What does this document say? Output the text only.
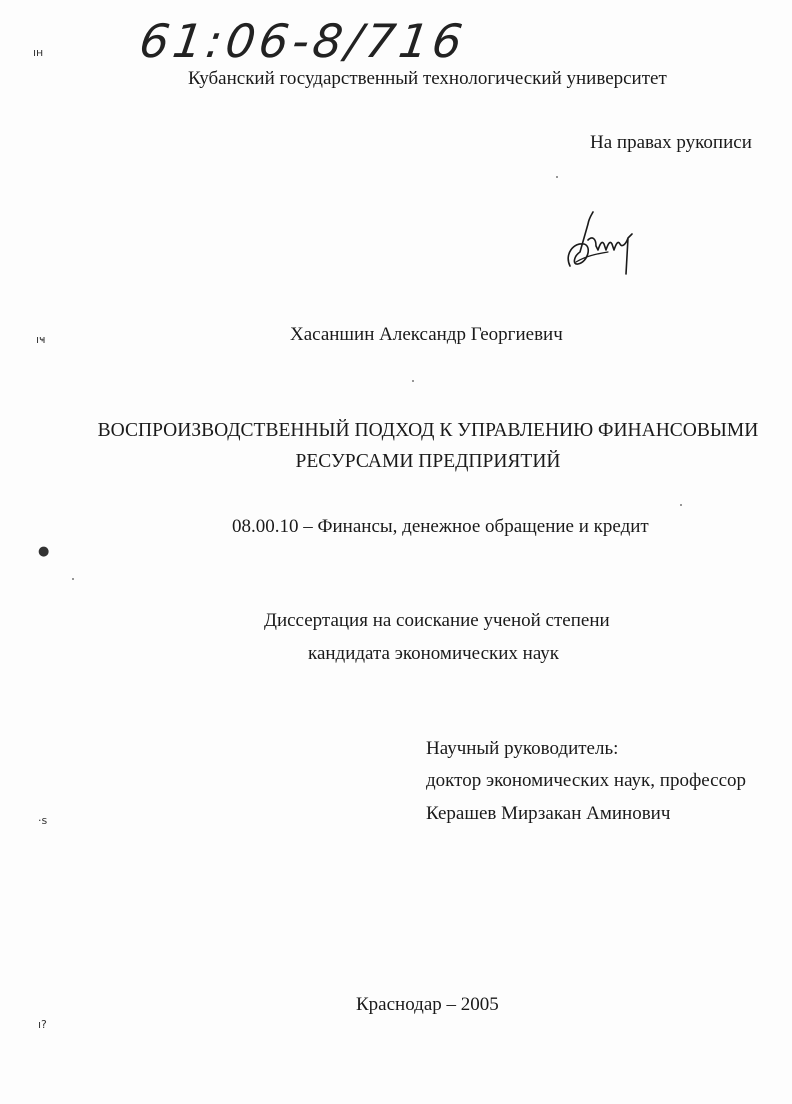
61:06-8/716
Кубанский государственный технологический университет
На правах рукописи
Хасаншин Александр Георгиевич
ВОСПРОИЗВОДСТВЕННЫЙ ПОДХОД К УПРАВЛЕНИЮ ФИНАНСОВЫМИ
РЕСУРСАМИ ПРЕДПРИЯТИЙ
08.00.10 – Финансы, денежное обращение и кредит
Диссертация на соискание ученой степени
кандидата экономических наук
Научный руководитель:
доктор экономических наук, профессор
Керашев Мирзакан Аминович
Краснодар – 2005
ıн
ıҹ
●
·ѕ
ı?
